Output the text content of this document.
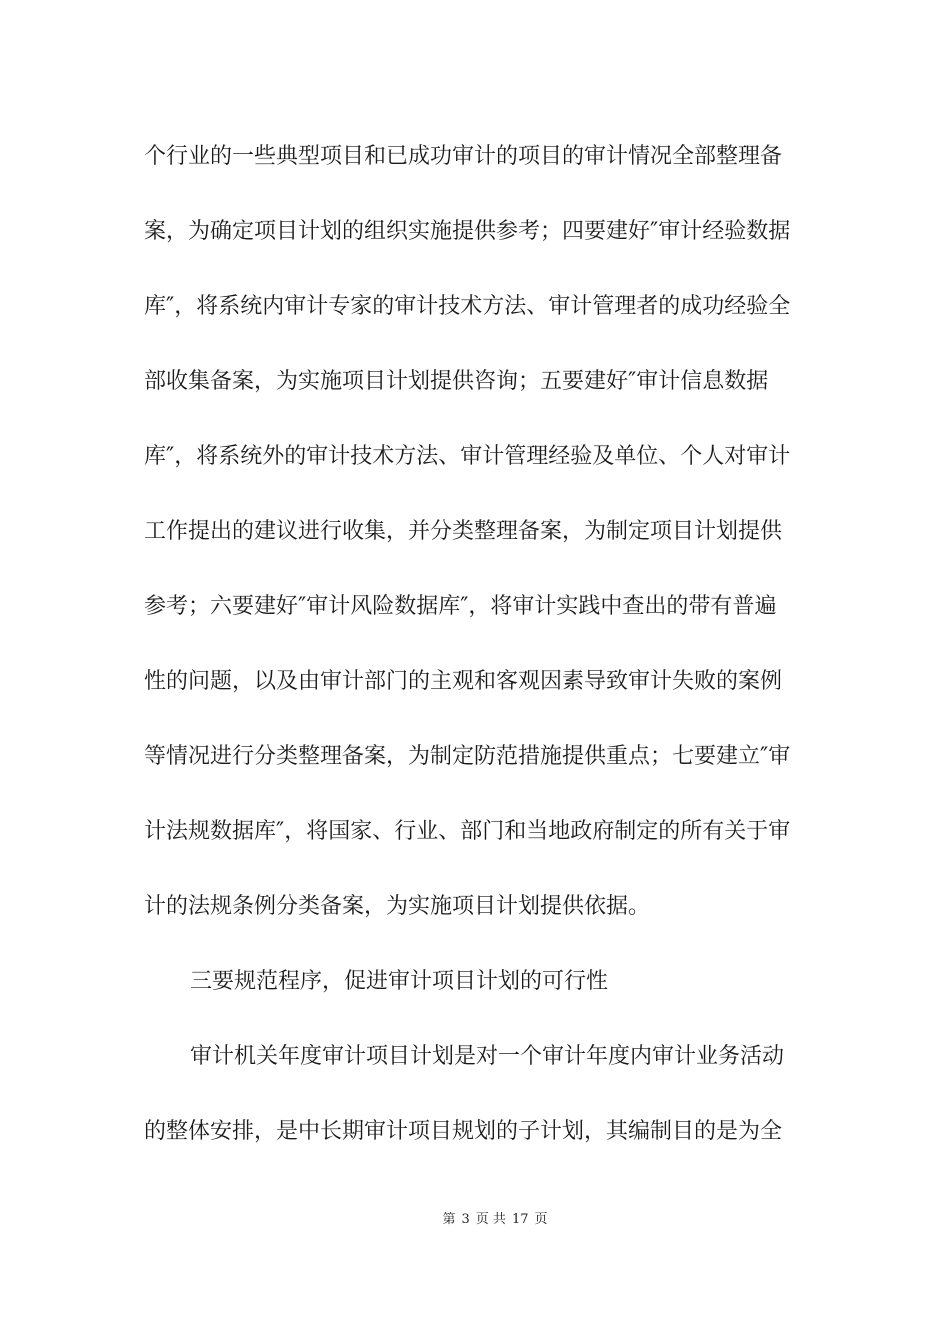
个行业的一些典型项目和已成功审计的项目的审计情况全部整理备
案，为确定项目计划的组织实施提供参考；四要建好″审计经验数据
库″，将系统内审计专家的审计技术方法、审计管理者的成功经验全
部收集备案，为实施项目计划提供咨询；五要建好″审计信息数据
库″，将系统外的审计技术方法、审计管理经验及单位、个人对审计
工作提出的建议进行收集，并分类整理备案，为制定项目计划提供
参考；六要建好″审计风险数据库″，将审计实践中查出的带有普遍
性的问题，以及由审计部门的主观和客观因素导致审计失败的案例
等情况进行分类整理备案，为制定防范措施提供重点；七要建立″审
计法规数据库″，将国家、行业、部门和当地政府制定的所有关于审
计的法规条例分类备案，为实施项目计划提供依据。
三要规范程序，促进审计项目计划的可行性
审计机关年度审计项目计划是对一个审计年度内审计业务活动
的整体安排，是中长期审计项目规划的子计划，其编制目的是为全
第 3 页 共 17 页
